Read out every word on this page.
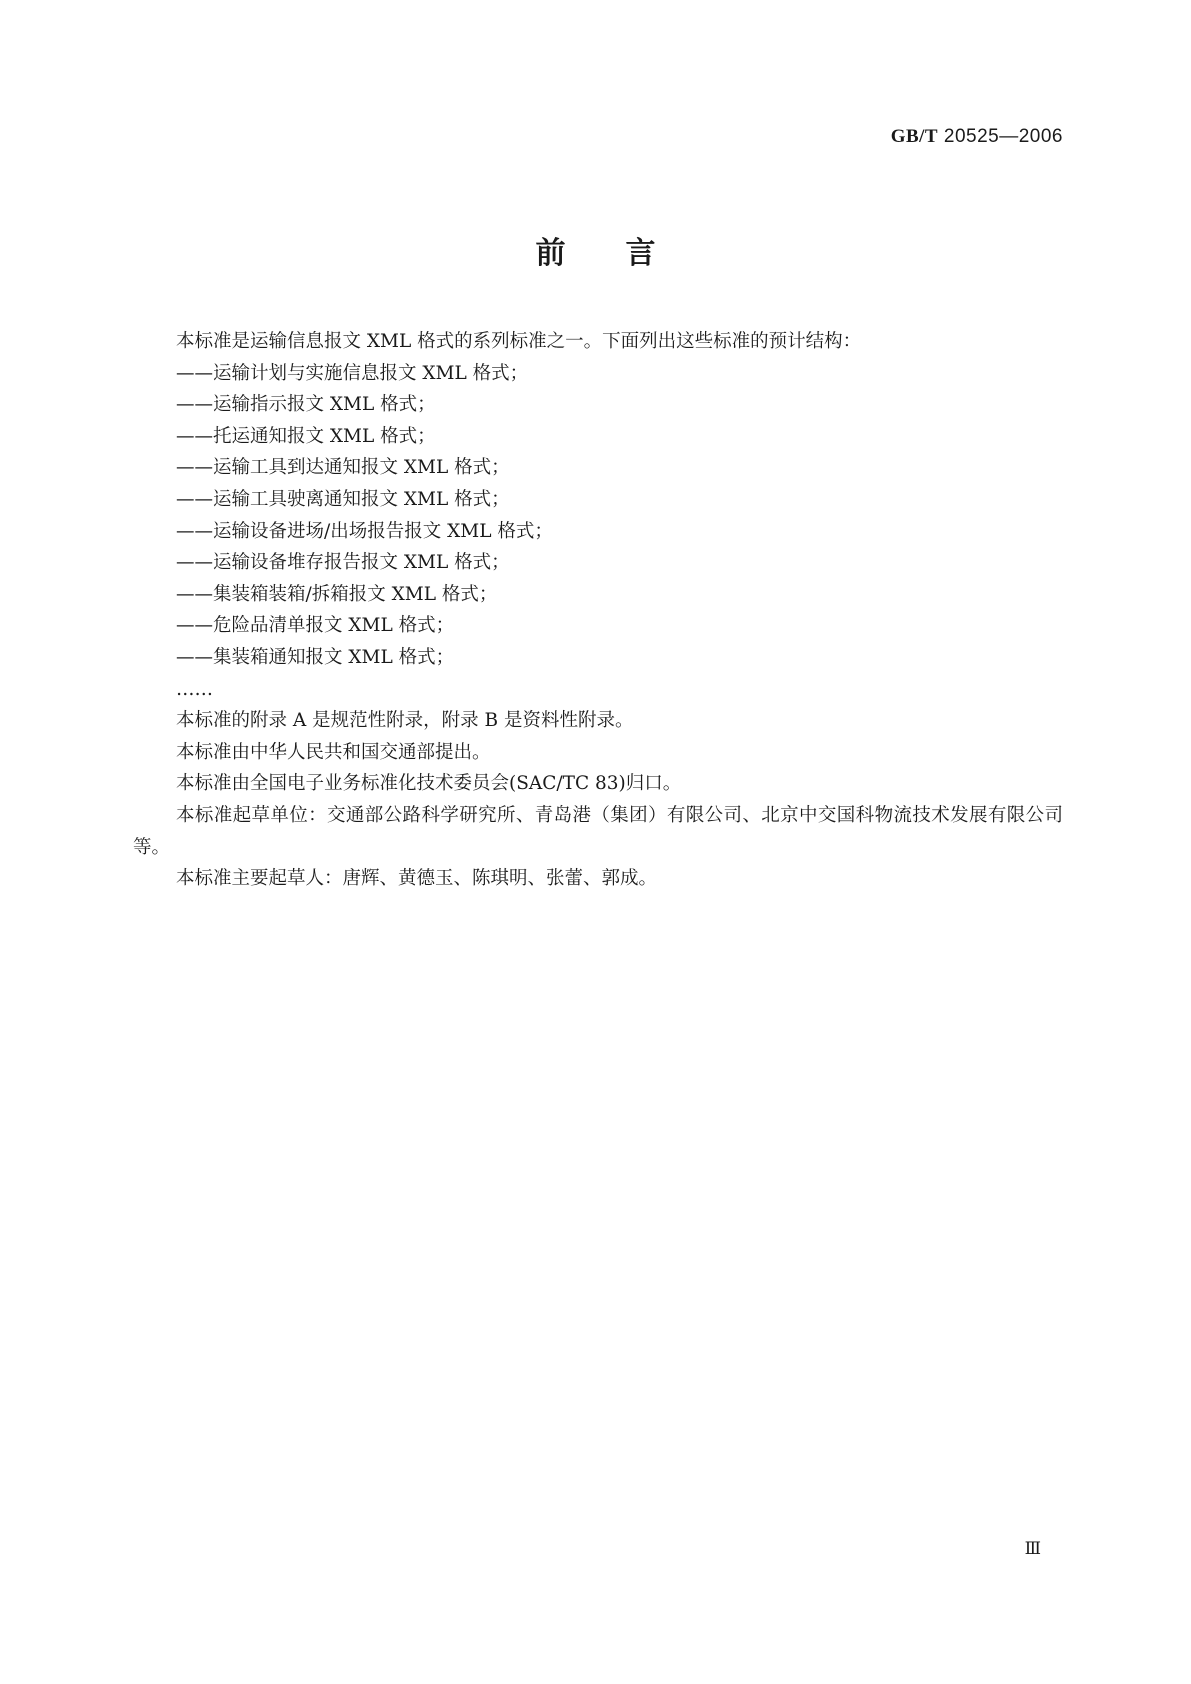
GB/T 20525—2006
前言

本标准是运输信息报文 XML 格式的系列标准之一。下面列出这些标准的预计结构：

——运输计划与实施信息报文 XML 格式；

——运输指示报文 XML 格式；

——托运通知报文 XML 格式；

——运输工具到达通知报文 XML 格式；

——运输工具驶离通知报文 XML 格式；

——运输设备进场/出场报告报文 XML 格式；

——运输设备堆存报告报文 XML 格式；

——集装箱装箱/拆箱报文 XML 格式；

——危险品清单报文 XML 格式；

——集装箱通知报文 XML 格式；

……

本标准的附录 A 是规范性附录，附录 B 是资料性附录。

本标准由中华人民共和国交通部提出。

本标准由全国电子业务标准化技术委员会(SAC/TC 83)归口。

本标准起草单位：交通部公路科学研究所、青岛港（集团）有限公司、北京中交国科物流技术发展有限公司等。

本标准主要起草人：唐辉、黄德玉、陈琪明、张蕾、郭成。

Ⅲ
